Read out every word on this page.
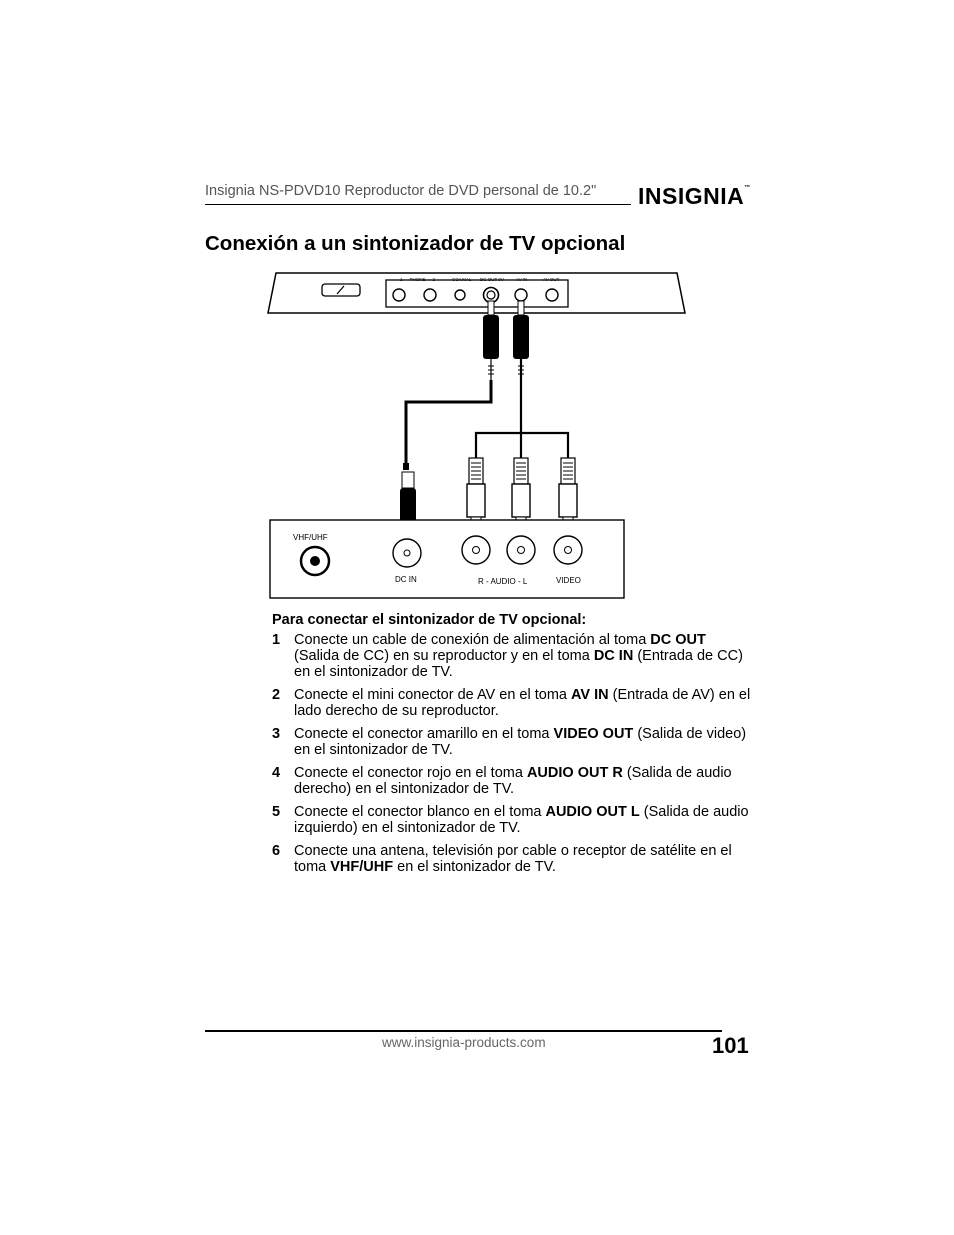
Insignia NS-PDVD10 Reproductor de DVD personal de 10.2" INSIGNIA™
Conexión a un sintonizador de TV opcional
1 — PHONE — 2	COAXIAL DC OUT 9V	AV IN	AV OUT
VHF/UHF
DC IN	R - AUDIO - L	VIDEO

Para conectar el sintonizador de TV opcional:

1 Conecte un cable de conexión de alimentación al toma DC OUT (Salida de CC) en su reproductor y en el toma DC IN (Entrada de CC) en el sintonizador de TV.
2 Conecte el mini conector de AV en el toma AV IN (Entrada de AV) en el lado derecho de su reproductor.
3 Conecte el conector amarillo en el toma VIDEO OUT (Salida de video) en el sintonizador de TV.
4 Conecte el conector rojo en el toma AUDIO OUT R (Salida de audio derecho) en el sintonizador de TV.
5 Conecte el conector blanco en el toma AUDIO OUT L (Salida de audio izquierdo) en el sintonizador de TV.
6 Conecte una antena, televisión por cable o receptor de satélite en el toma VHF/UHF en el sintonizador de TV.
www.insignia-products.com	101
